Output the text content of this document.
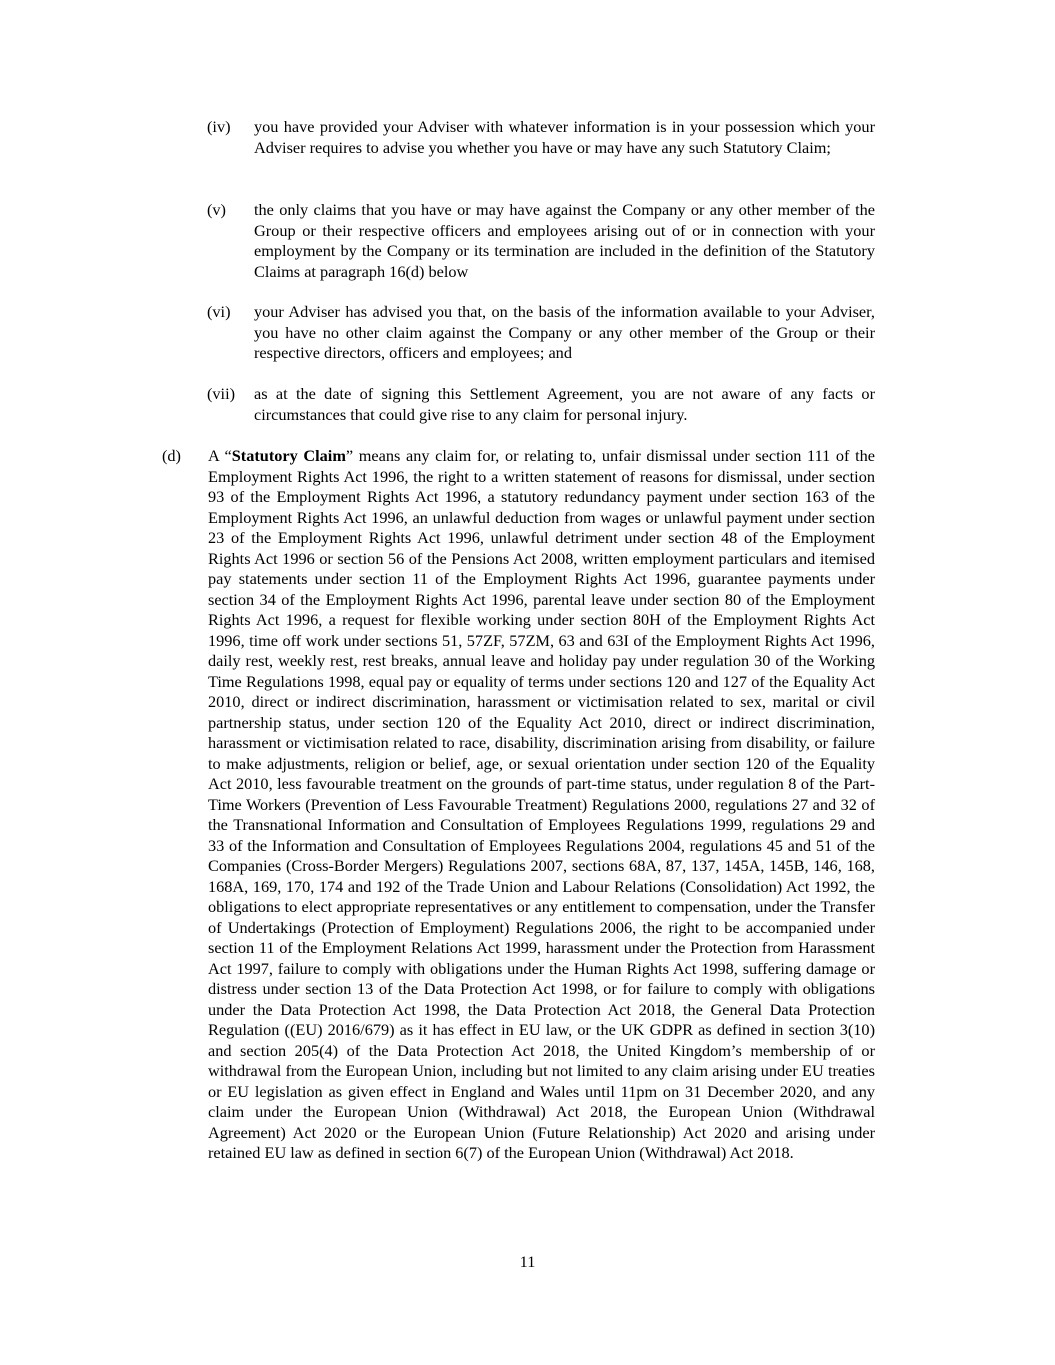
(iv)	you have provided your Adviser with whatever information is in your possession which your Adviser requires to advise you whether you have or may have any such Statutory Claim;
(v)	the only claims that you have or may have against the Company or any other member of the Group or their respective officers and employees arising out of or in connection with your employment by the Company or its termination are included in the definition of the Statutory Claims at paragraph 16(d) below
(vi)	your Adviser has advised you that, on the basis of the information available to your Adviser, you have no other claim against the Company or any other member of the Group or their respective directors, officers and employees; and
(vii)	as at the date of signing this Settlement Agreement, you are not aware of any facts or circumstances that could give rise to any claim for personal injury.
(d)	A “Statutory Claim” means any claim for, or relating to, unfair dismissal under section 111 of the Employment Rights Act 1996, the right to a written statement of reasons for dismissal, under section 93 of the Employment Rights Act 1996, a statutory redundancy payment under section 163 of the Employment Rights Act 1996, an unlawful deduction from wages or unlawful payment under section 23 of the Employment Rights Act 1996, unlawful detriment under section 48 of the Employment Rights Act 1996 or section 56 of the Pensions Act 2008, written employment particulars and itemised pay statements under section 11 of the Employment Rights Act 1996, guarantee payments under section 34 of the Employment Rights Act 1996, parental leave under section 80 of the Employment Rights Act 1996, a request for flexible working under section 80H of the Employment Rights Act 1996, time off work under sections 51, 57ZF, 57ZM, 63 and 63I of the Employment Rights Act 1996, daily rest, weekly rest, rest breaks, annual leave and holiday pay under regulation 30 of the Working Time Regulations 1998, equal pay or equality of terms under sections 120 and 127 of the Equality Act 2010, direct or indirect discrimination, harassment or victimisation related to sex, marital or civil partnership status, under section 120 of the Equality Act 2010, direct or indirect discrimination, harassment or victimisation related to race, disability, discrimination arising from disability, or failure to make adjustments, religion or belief, age, or sexual orientation under section 120 of the Equality Act 2010, less favourable treatment on the grounds of part-time status, under regulation 8 of the Part-Time Workers (Prevention of Less Favourable Treatment) Regulations 2000, regulations 27 and 32 of the Transnational Information and Consultation of Employees Regulations 1999, regulations 29 and 33 of the Information and Consultation of Employees Regulations 2004, regulations 45 and 51 of the Companies (Cross-Border Mergers) Regulations 2007, sections 68A, 87, 137, 145A, 145B, 146, 168, 168A, 169, 170, 174 and 192 of the Trade Union and Labour Relations (Consolidation) Act 1992, the obligations to elect appropriate representatives or any entitlement to compensation, under the Transfer of Undertakings (Protection of Employment) Regulations 2006, the right to be accompanied under section 11 of the Employment Relations Act 1999, harassment under the Protection from Harassment Act 1997, failure to comply with obligations under the Human Rights Act 1998, suffering damage or distress under section 13 of the Data Protection Act 1998, or for failure to comply with obligations under the Data Protection Act 1998, the Data Protection Act 2018, the General Data Protection Regulation ((EU) 2016/679) as it has effect in EU law, or the UK GDPR as defined in section 3(10) and section 205(4) of the Data Protection Act 2018, the United Kingdom’s membership of or withdrawal from the European Union, including but not limited to any claim arising under EU treaties or EU legislation as given effect in England and Wales until 11pm on 31 December 2020, and any claim under the European Union (Withdrawal) Act 2018, the European Union (Withdrawal Agreement) Act 2020 or the European Union (Future Relationship) Act 2020 and arising under retained EU law as defined in section 6(7) of the European Union (Withdrawal) Act 2018.
11
